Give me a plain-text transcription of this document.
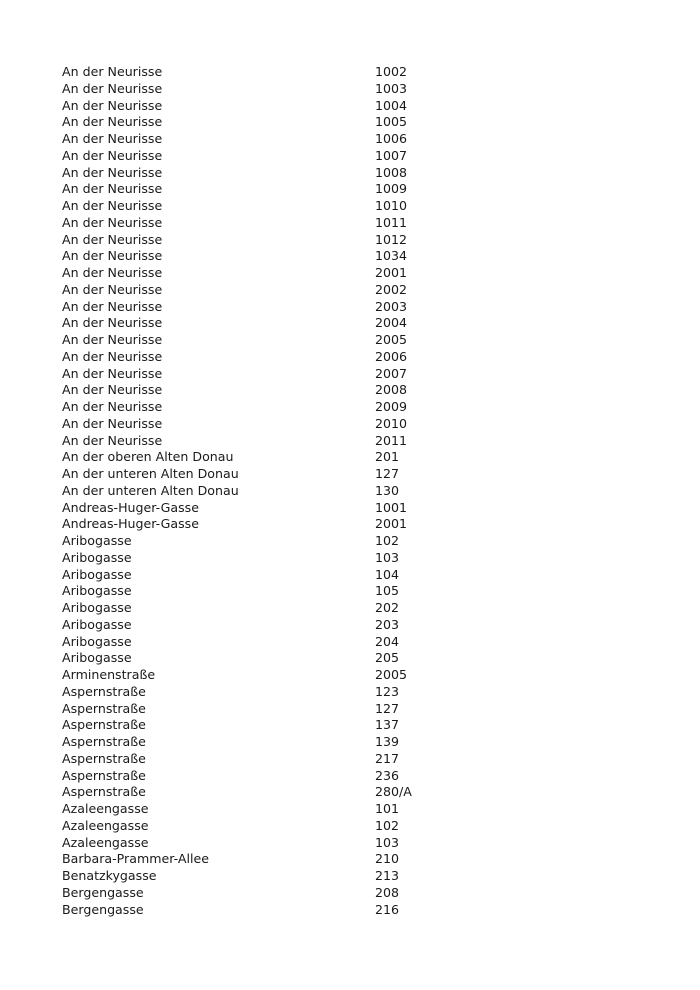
An der Neurisse	1002
An der Neurisse	1003
An der Neurisse	1004
An der Neurisse	1005
An der Neurisse	1006
An der Neurisse	1007
An der Neurisse	1008
An der Neurisse	1009
An der Neurisse	1010
An der Neurisse	1011
An der Neurisse	1012
An der Neurisse	1034
An der Neurisse	2001
An der Neurisse	2002
An der Neurisse	2003
An der Neurisse	2004
An der Neurisse	2005
An der Neurisse	2006
An der Neurisse	2007
An der Neurisse	2008
An der Neurisse	2009
An der Neurisse	2010
An der Neurisse	2011
An der oberen Alten Donau	201
An der unteren Alten Donau	127
An der unteren Alten Donau	130
Andreas-Huger-Gasse	1001
Andreas-Huger-Gasse	2001
Aribogasse	102
Aribogasse	103
Aribogasse	104
Aribogasse	105
Aribogasse	202
Aribogasse	203
Aribogasse	204
Aribogasse	205
Arminenstraße	2005
Aspernstraße	123
Aspernstraße	127
Aspernstraße	137
Aspernstraße	139
Aspernstraße	217
Aspernstraße	236
Aspernstraße	280/A
Azaleengasse	101
Azaleengasse	102
Azaleengasse	103
Barbara-Prammer-Allee	210
Benatzkygasse	213
Bergengasse	208
Bergengasse	216
